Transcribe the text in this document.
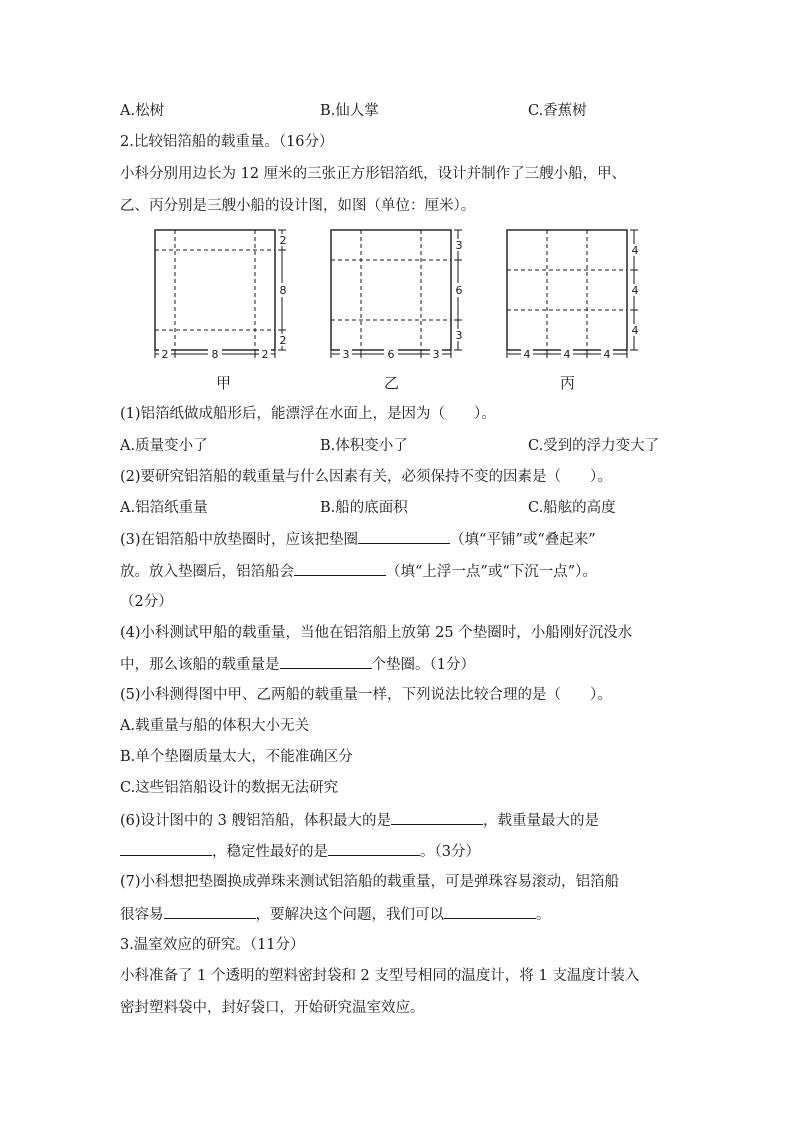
A.松树	B.仙人掌	C.香蕉树
2.比较铝箔船的载重量。（16分）
小科分别用边长为 12 厘米的三张正方形铝箔纸，设计并制作了三艘小船，甲、
乙、丙分别是三艘小船的设计图，如图（单位：厘米）。
2
8
2
2	8	2
甲
3
6
3
3	6	3
乙
4
4
4
4	4	4
丙
(1)铝箔纸做成船形后，能漂浮在水面上，是因为（　　）。
A.质量变小了	B.体积变小了	C.受到的浮力变大了
(2)要研究铝箔船的载重量与什么因素有关，必须保持不变的因素是（　　）。
A.铝箔纸重量	B.船的底面积	C.船舷的高度
(3)在铝箔船中放垫圈时，应该把垫圈	（填“平铺”或“叠起来”
放。放入垫圈后，铝箔船会	（填“上浮一点”或“下沉一点”）。
（2分）
(4)小科测试甲船的载重量，当他在铝箔船上放第 25 个垫圈时，小船刚好沉没水
中，那么该船的载重量是	个垫圈。（1分）
(5)小科测得图中甲、乙两船的载重量一样，下列说法比较合理的是（　　）。
A.载重量与船的体积大小无关
B.单个垫圈质量太大，不能准确区分
C.这些铝箔船设计的数据无法研究
(6)设计图中的 3 艘铝箔船，体积最大的是	，载重量最大的是
，稳定性最好的是	。（3分）
(7)小科想把垫圈换成弹珠来测试铝箔船的载重量，可是弹珠容易滚动，铝箔船
很容易	，要解决这个问题，我们可以	。
3.温室效应的研究。（11分）
小科准备了 1 个透明的塑料密封袋和 2 支型号相同的温度计，将 1 支温度计装入
密封塑料袋中，封好袋口，开始研究温室效应。
